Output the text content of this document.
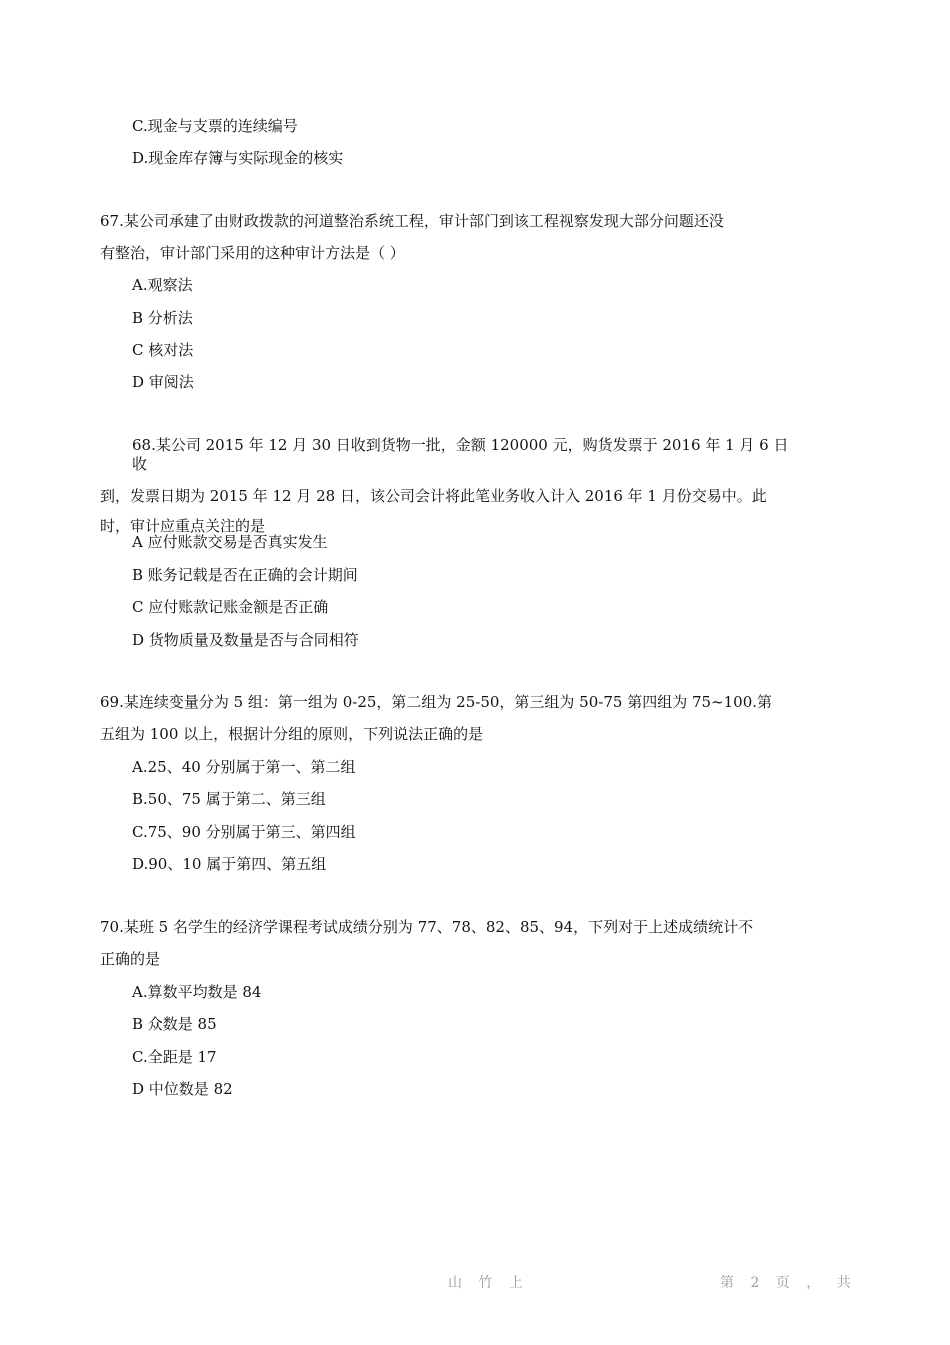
C.现金与支票的连续编号
D.现金库存簿与实际现金的核实
67.某公司承建了由财政拨款的河道整治系统工程，审计部门到该工程视察发现大部分问题还没
有整治，审计部门采用的这种审计方法是（ ）
A.观察法
B 分析法
C 核对法
D 审阅法
68.某公司 2015 年 12 月 30 日收到货物一批，金额 120000 元，购货发票于 2016 年 1 月 6 日
收
到，发票日期为 2015 年 12 月 28 日，该公司会计将此笔业务收入计入 2016 年 1 月份交易中。此
时，审计应重点关注的是
A 应付账款交易是否真实发生
B 账务记载是否在正确的会计期间
C 应付账款记账金额是否正确
D 货物质量及数量是否与合同相符
69.某连续变量分为 5 组：第一组为 0-25，第二组为 25-50，第三组为 50-75 第四组为 75~100.第
五组为 100 以上，根据计分组的原则，下列说法正确的是
A.25、40 分别属于第一、第二组
B.50、75 属于第二、第三组
C.75、90 分别属于第三、第四组
D.90、10 属于第四、第五组
70.某班 5 名学生的经济学课程考试成绩分别为 77、78、82、85、94，下列对于上述成绩统计不
正确的是
A.算数平均数是 84
B 众数是 85
C.全距是 17
D 中位数是 82
山 竹 上	第 2 页 ， 共
